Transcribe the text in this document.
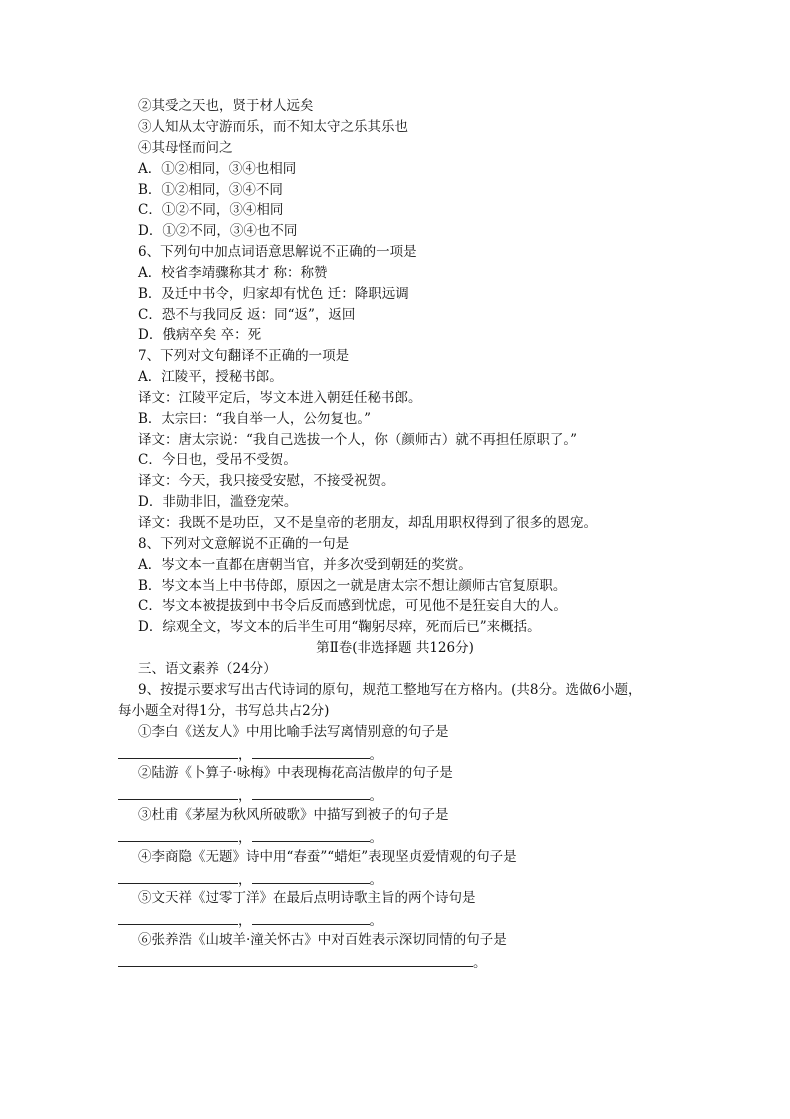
②其受之天也，贤于材人远矣
③人知从太守游而乐，而不知太守之乐其乐也
④其母怪而问之
A．①②相同，③④也相同
B．①②相同，③④不同
C．①②不同，③④相同
D．①②不同，③④也不同
6、下列句中加点词语意思解说不正确的一项是
A．校省李靖骤称其才 称：称赞
B．及迁中书令，归家却有忧色 迁：降职远调
C．恐不与我同反 返：同“返”，返回
D．俄病卒矣 卒：死
7、下列对文句翻译不正确的一项是
A．江陵平，授秘书郎。
译文：江陵平定后，岑文本进入朝廷任秘书郎。
B．太宗曰：“我自举一人，公勿复也。”
译文：唐太宗说：“我自己选拔一个人，你（颜师古）就不再担任原职了。”
C．今日也，受吊不受贺。
译文：今天，我只接受安慰，不接受祝贺。
D．非勋非旧，滥登宠荣。
译文：我既不是功臣，又不是皇帝的老朋友，却乱用职权得到了很多的恩宠。
8、下列对文意解说不正确的一句是
A．岑文本一直都在唐朝当官，并多次受到朝廷的奖赏。
B．岑文本当上中书侍郎，原因之一就是唐太宗不想让颜师古官复原职。
C．岑文本被提拔到中书令后反而感到忧虑，可见他不是狂妄自大的人。
D．综观全文，岑文本的后半生可用“鞠躬尽瘁，死而后已”来概括。
第Ⅱ卷(非选择题 共126分)
三、语文素养（24分）
9、按提示要求写出古代诗词的原句，规范工整地写在方格内。(共8分。选做6小题，
每小题全对得1分，书写总共占2分)
①李白《送友人》中用比喻手法写离情别意的句子是
，	。
②陆游《卜算子·咏梅》中表现梅花高洁傲岸的句子是
，	。
③杜甫《茅屋为秋风所破歌》中描写到被子的句子是
，	。
④李商隐《无题》诗中用“春蚕”“蜡炬”表现坚贞爱情观的句子是
，	。
⑤文天祥《过零丁洋》在最后点明诗歌主旨的两个诗句是
，	。
⑥张养浩《山坡羊·潼关怀古》中对百姓表示深切同情的句子是
。
